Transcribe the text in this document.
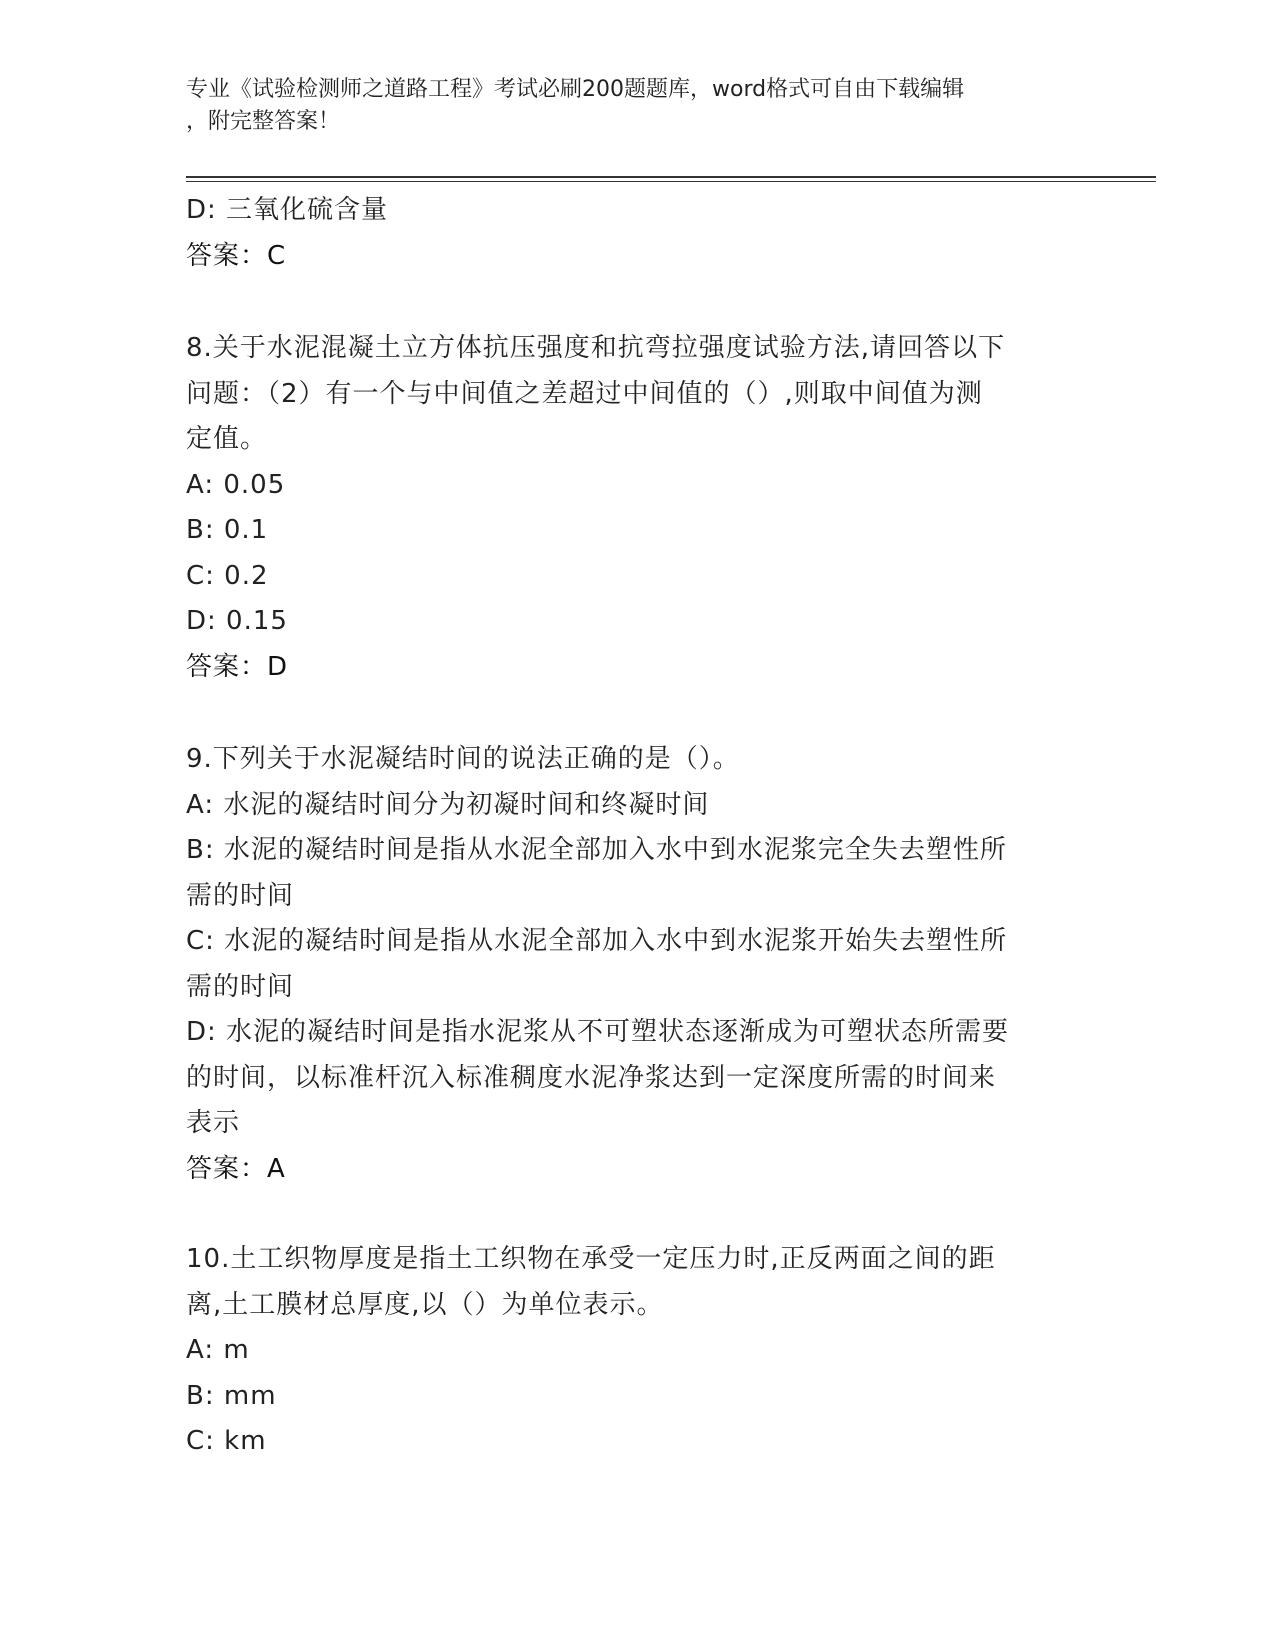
专业《试验检测师之道路工程》考试必刷200题题库，word格式可自由下载编辑
，附完整答案！
D: 三氧化硫含量
答案：C
8.关于水泥混凝土立方体抗压强度和抗弯拉强度试验方法,请回答以下
问题：（2）有一个与中间值之差超过中间值的（）,则取中间值为测
定值。
A: 0.05
B: 0.1
C: 0.2
D: 0.15
答案：D
9.下列关于水泥凝结时间的说法正确的是（）。
A: 水泥的凝结时间分为初凝时间和终凝时间
B: 水泥的凝结时间是指从水泥全部加入水中到水泥浆完全失去塑性所
需的时间
C: 水泥的凝结时间是指从水泥全部加入水中到水泥浆开始失去塑性所
需的时间
D: 水泥的凝结时间是指水泥浆从不可塑状态逐渐成为可塑状态所需要
的时间，以标准杆沉入标准稠度水泥净浆达到一定深度所需的时间来
表示
答案：A
10.土工织物厚度是指土工织物在承受一定压力时,正反两面之间的距
离,土工膜材总厚度,以（）为单位表示。
A: m
B: mm
C: km
